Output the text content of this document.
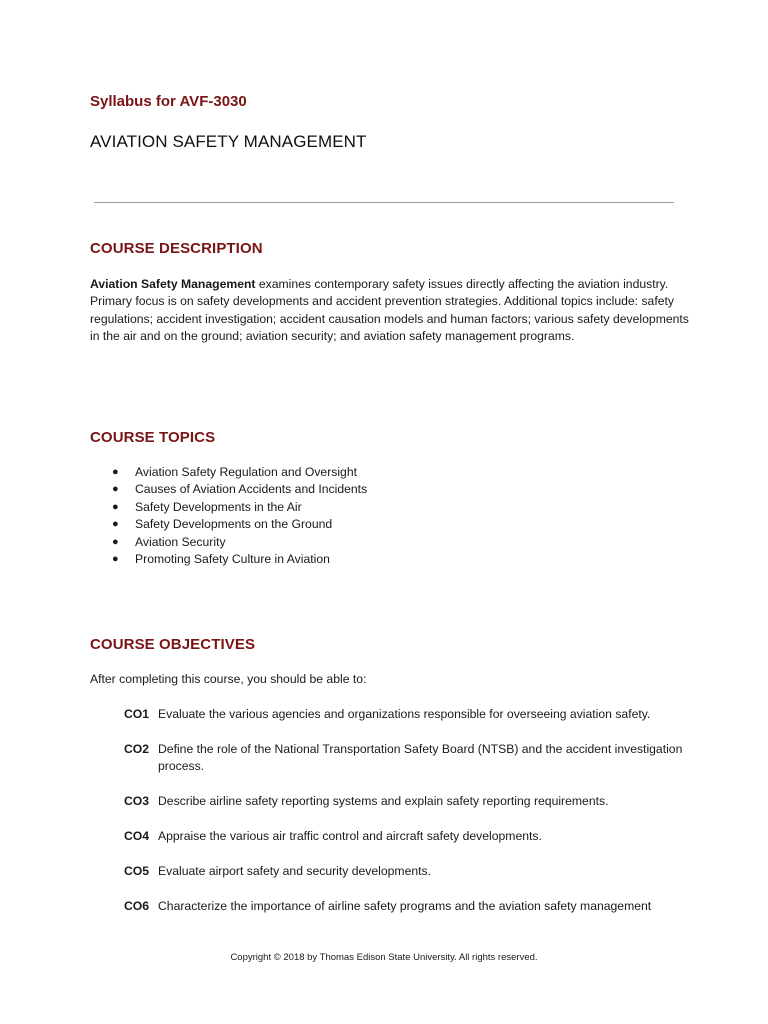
Syllabus for AVF-3030
AVIATION SAFETY MANAGEMENT
COURSE DESCRIPTION
Aviation Safety Management examines contemporary safety issues directly affecting the aviation industry. Primary focus is on safety developments and accident prevention strategies. Additional topics include: safety regulations; accident investigation; accident causation models and human factors; various safety developments in the air and on the ground; aviation security; and aviation safety management programs.
COURSE TOPICS
● Aviation Safety Regulation and Oversight
● Causes of Aviation Accidents and Incidents
● Safety Developments in the Air
● Safety Developments on the Ground
● Aviation Security
● Promoting Safety Culture in Aviation
COURSE OBJECTIVES
After completing this course, you should be able to:
CO1 Evaluate the various agencies and organizations responsible for overseeing aviation safety.
CO2 Define the role of the National Transportation Safety Board (NTSB) and the accident investigation process.
CO3 Describe airline safety reporting systems and explain safety reporting requirements.
CO4 Appraise the various air traffic control and aircraft safety developments.
CO5 Evaluate airport safety and security developments.
CO6 Characterize the importance of airline safety programs and the aviation safety management
Copyright © 2018 by Thomas Edison State University. All rights reserved.
